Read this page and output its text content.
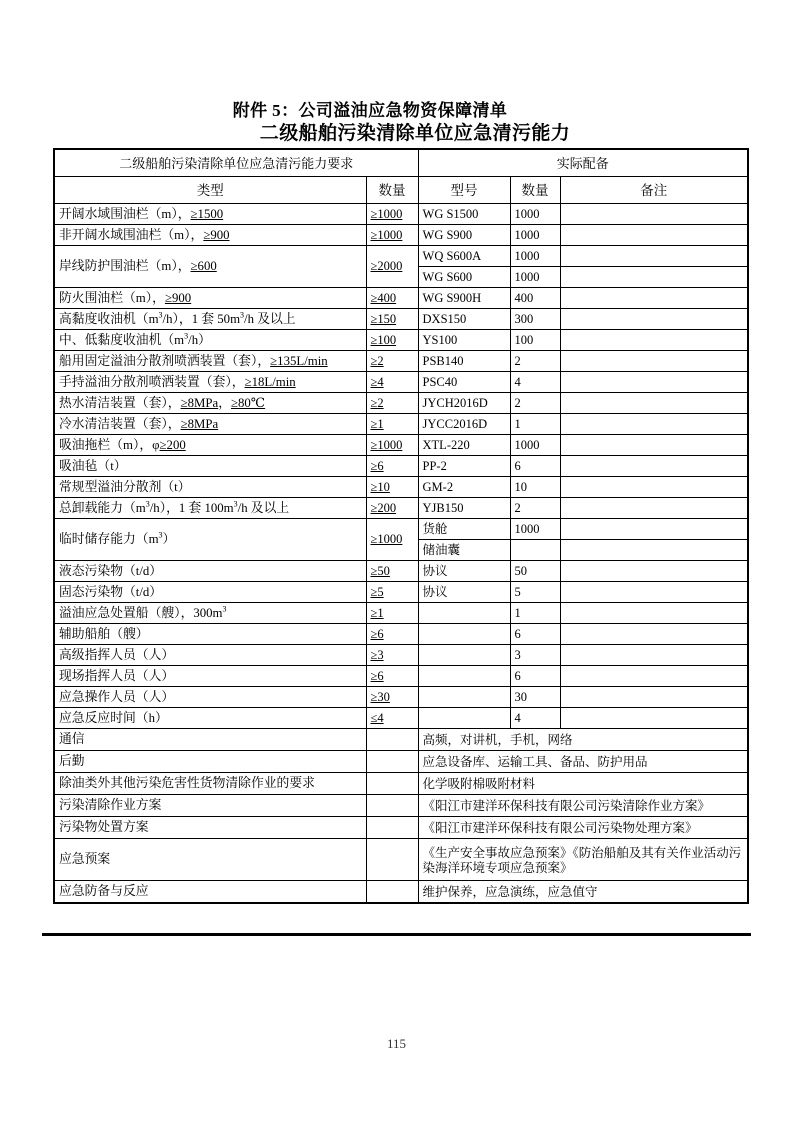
附件 5：公司溢油应急物资保障清单
二级船舶污染清除单位应急清污能力
二级船舶污染清除单位应急清污能力要求		实际配备		
类型	数量	型号	数量	备注
开阔水域围油栏（m），≥1500	≥1000	WG S1500	1000	
非开阔水域围油栏（m），≥900	≥1000	WG S900	1000	
岸线防护围油栏（m），≥600	≥2000	WQ S600A	1000	
		WG S600	1000	
防火围油栏（m），≥900	≥400	WG S900H	400	
高黏度收油机$(m^3/h)$，1 套 $50m^3/h$ 及以上	≥150	DXS150	300	
中、低黏度收油机$(m^3/h)$	≥100	YS100	100	
船用固定溢油分散剂喷洒装置（套），≥135L/min	≥2	PSB140	2	
手持溢油分散剂喷洒装置（套），≥18L/min	≥4	PSC40	4	
热水清洁装置（套），≥8MPa，≥80℃	≥2	JYCH2016D	2	
冷水清洁装置（套），≥8MPa	≥1	JYCC2016D	1	
吸油拖栏（m），φ≥200	≥1000	XTL-220	1000	
吸油毡（t）	≥6	PP-2	6	
常规型溢油分散剂（t）	≥10	GM-2	10	
总卸载能力$(m^3/h)$，1 套 $100m^3/h$ 及以上	≥200	YJB150	2	
临时储存能力$(m^3)$	≥1000	货舱	1000	
		储油囊		
液态污染物（t/d）	≥50	协议	50	
固态污染物（t/d）	≥5	协议	5	
溢油应急处置船（艘），$300m^3$	≥1		1	
辅助船舶（艘）	≥6		6	
高级指挥人员（人）	≥3		3	
现场指挥人员（人）	≥6		6	
应急操作人员（人）	≥30		30	
应急反应时间（h）	≤4		4	
通信		高频，对讲机，手机，网络		
后勤		应急设备库、运输工具、备品、防护用品		
除油类外其他污染危害性货物清除作业的要求		化学吸附棉吸附材料		
污染清除作业方案		《阳江市建洋环保科技有限公司污染清除作业方案》		
污染物处置方案		《阳江市建洋环保科技有限公司污染物处理方案》		
应急预案		《生产安全事故应急预案》《防治船舶及其有关作业活动污染海洋环境专项应急预案》		
应急防备与反应		维护保养，应急演练，应急值守		
115
